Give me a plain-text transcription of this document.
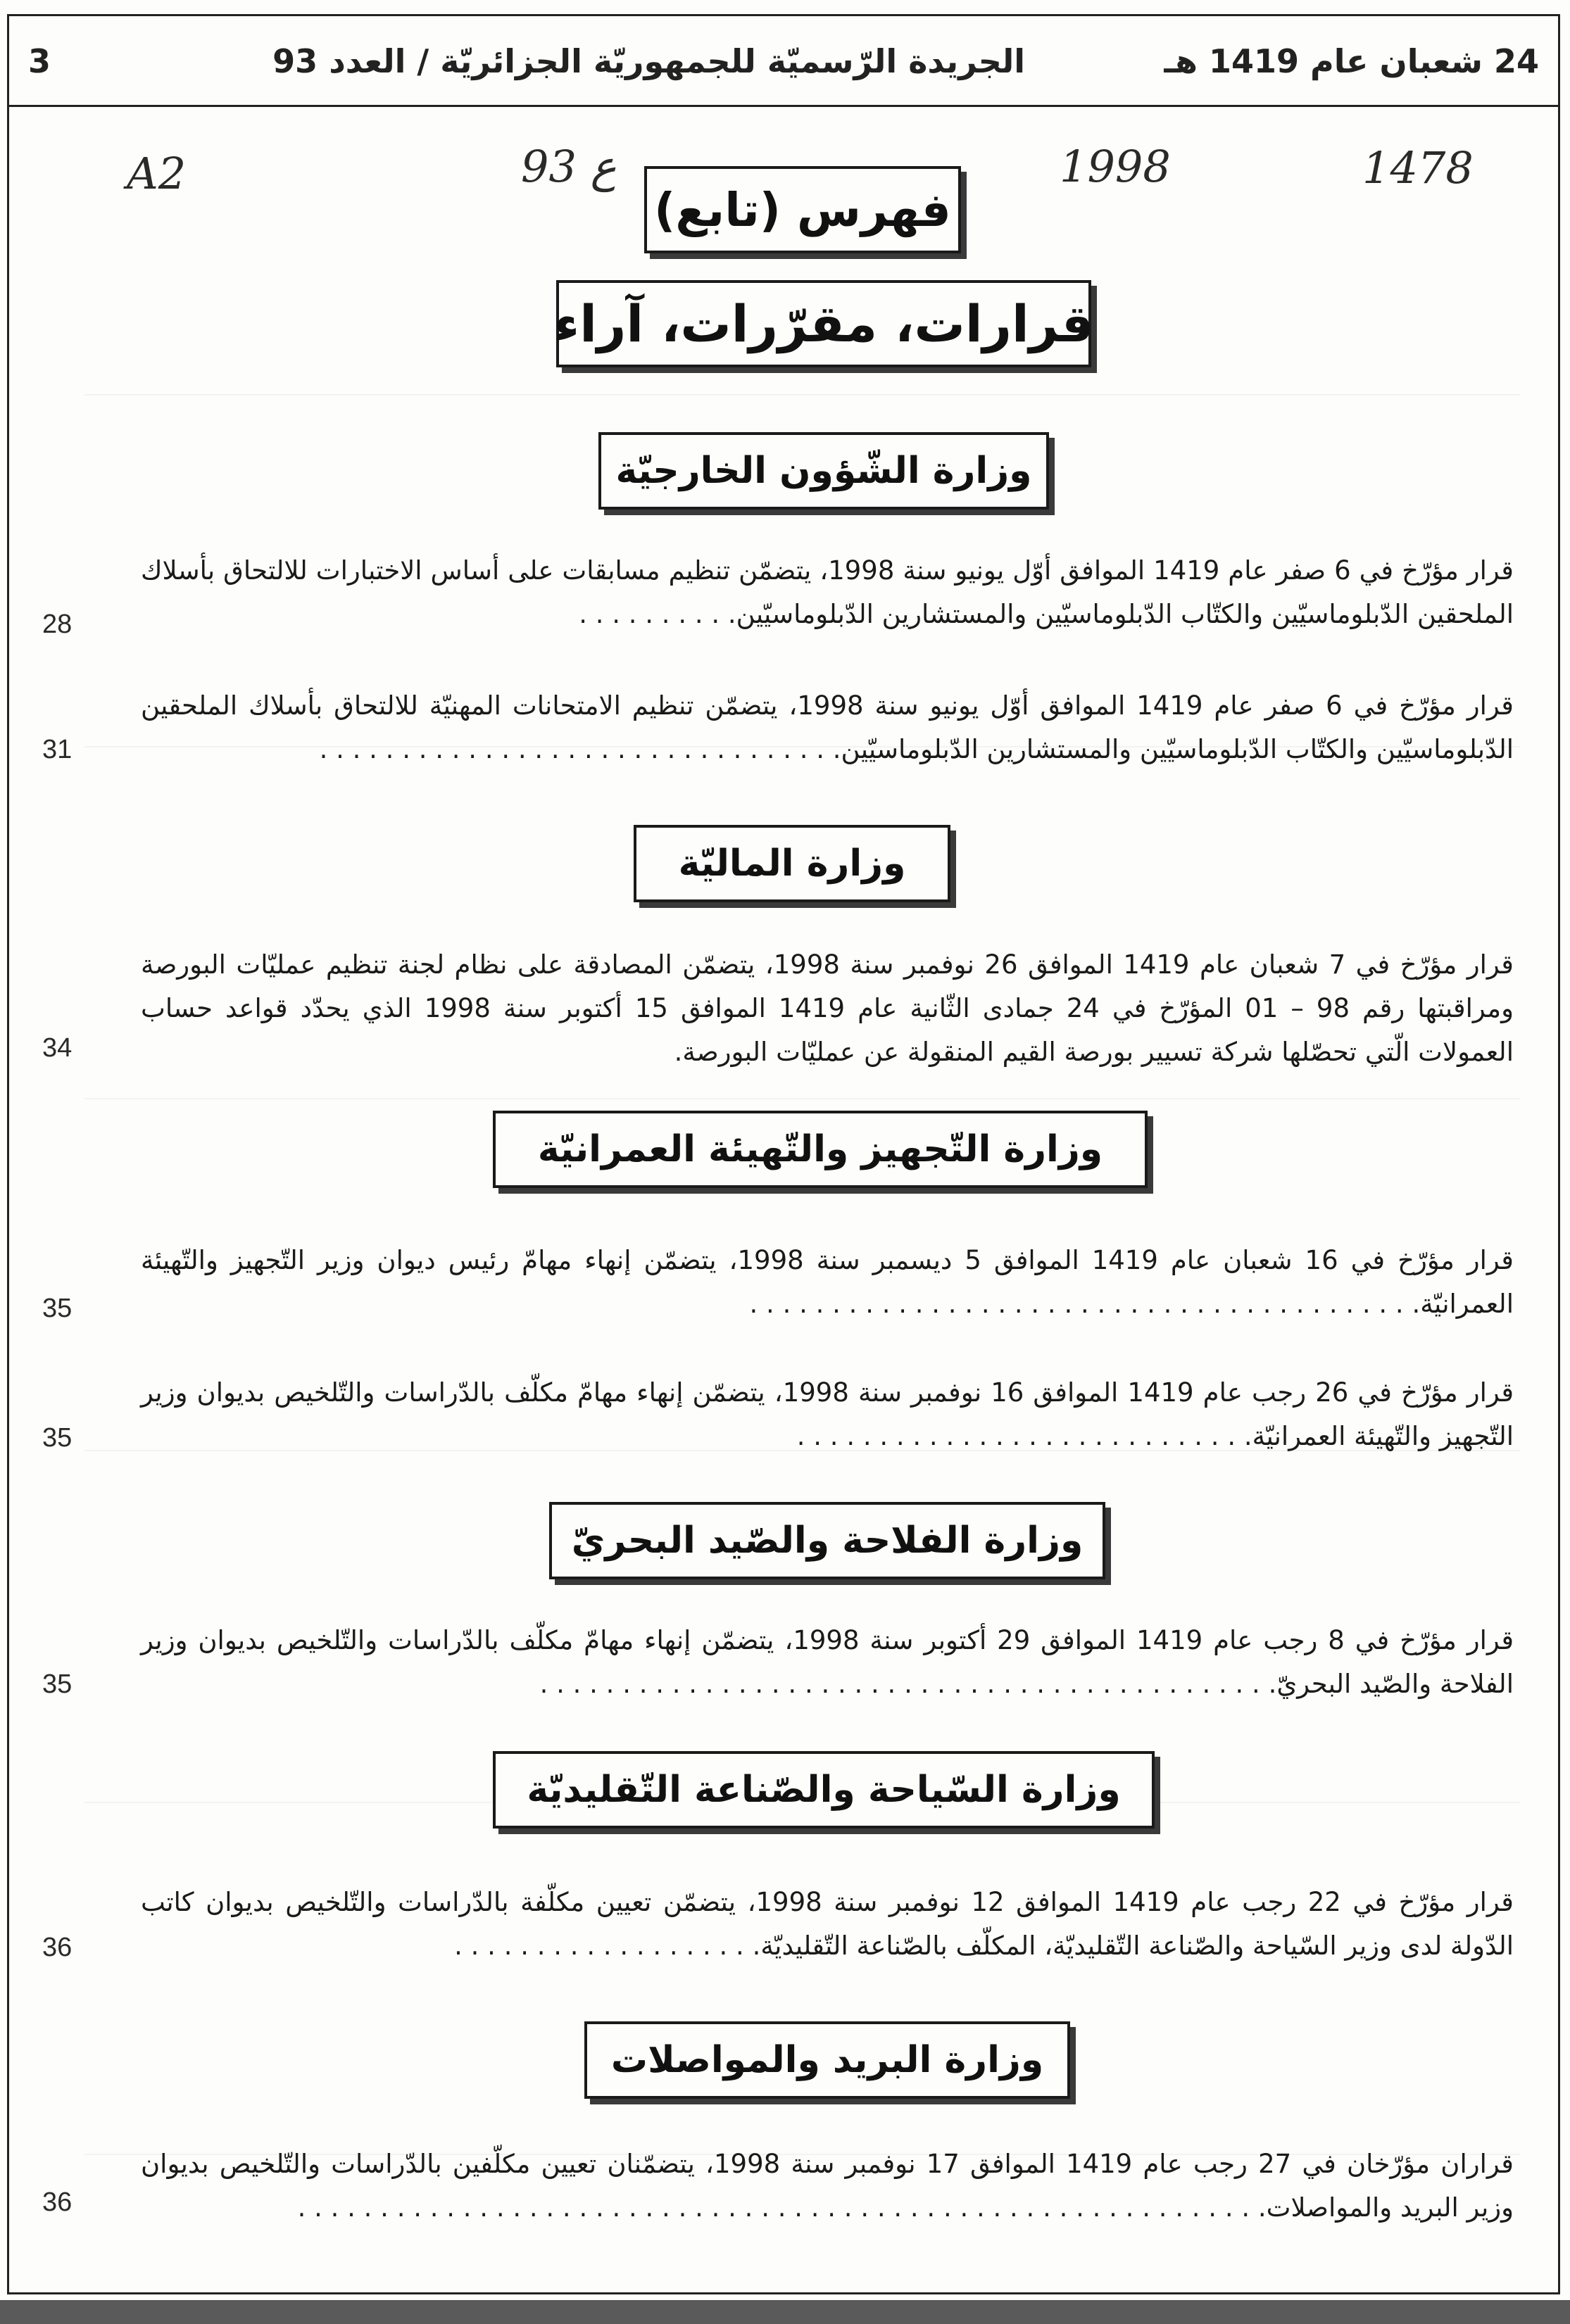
24 شعبان عام 1419 هـ
الجريدة الرّسميّة للجمهوريّة الجزائريّة / العدد 93
3
A2	93 ع	1998	1478
فهرس (تابع)
قرارات، مقرّرات، آراء
وزارة الشّؤون الخارجيّة
قرار مؤرّخ في 6 صفر عام 1419 الموافق أوّل يونيو سنة 1998، يتضمّن تنظيم مسابقات على أساس الاختبارات للالتحاق بأسلاك الملحقين الدّبلوماسيّين والكتّاب الدّبلوماسيّين والمستشارين الدّبلوماسيّين. . . . . . . . . .
28
قرار مؤرّخ في 6 صفر عام 1419 الموافق أوّل يونيو سنة 1998، يتضمّن تنظيم الامتحانات المهنيّة للالتحاق بأسلاك الملحقين الدّبلوماسيّين والكتّاب الدّبلوماسيّين والمستشارين الدّبلوماسيّين. . . . . . . . . . . . . . . . . . . . . . . . . . . . . . . .
31
وزارة الماليّة
قرار مؤرّخ في 7 شعبان عام 1419 الموافق 26 نوفمبر سنة 1998، يتضمّن المصادقة على نظام لجنة تنظيم عمليّات البورصة ومراقبتها رقم 98 – 01 المؤرّخ في 24 جمادى الثّانية عام 1419 الموافق 15 أكتوبر سنة 1998 الذي يحدّد قواعد حساب العمولات الّتي تحصّلها شركة تسيير بورصة القيم المنقولة عن عمليّات البورصة.
34
وزارة التّجهيز والتّهيئة العمرانيّة
قرار مؤرّخ في 16 شعبان عام 1419 الموافق 5 ديسمبر سنة 1998، يتضمّن إنهاء مهامّ رئيس ديوان وزير التّجهيز والتّهيئة العمرانيّة. . . . . . . . . . . . . . . . . . . . . . . . . . . . . . . . . . . . . . . . .
35
قرار مؤرّخ في 26 رجب عام 1419 الموافق 16 نوفمبر سنة 1998، يتضمّن إنهاء مهامّ مكلّف بالدّراسات والتّلخيص بديوان وزير التّجهيز والتّهيئة العمرانيّة. . . . . . . . . . . . . . . . . . . . . . . . . . . .
35
وزارة الفلاحة والصّيد البحريّ
قرار مؤرّخ في 8 رجب عام 1419 الموافق 29 أكتوبر سنة 1998، يتضمّن إنهاء مهامّ مكلّف بالدّراسات والتّلخيص بديوان وزير الفلاحة والصّيد البحريّ. . . . . . . . . . . . . . . . . . . . . . . . . . . . . . . . . . . . . . . . . . . . .
35
وزارة السّياحة والصّناعة التّقليديّة
قرار مؤرّخ في 22 رجب عام 1419 الموافق 12 نوفمبر سنة 1998، يتضمّن تعيين مكلّفة بالدّراسات والتّلخيص بديوان كاتب الدّولة لدى وزير السّياحة والصّناعة التّقليديّة، المكلّف بالصّناعة التّقليديّة. . . . . . . . . . . . . . . . . . .
36
وزارة البريد والمواصلات
قراران مؤرّخان في 27 رجب عام 1419 الموافق 17 نوفمبر سنة 1998، يتضمّنان تعيين مكلّفين بالدّراسات والتّلخيص بديوان وزير البريد والمواصلات. . . . . . . . . . . . . . . . . . . . . . . . . . . . . . . . . . . . . . . . . . . . . . . . . . . . . . . . . . .
36
